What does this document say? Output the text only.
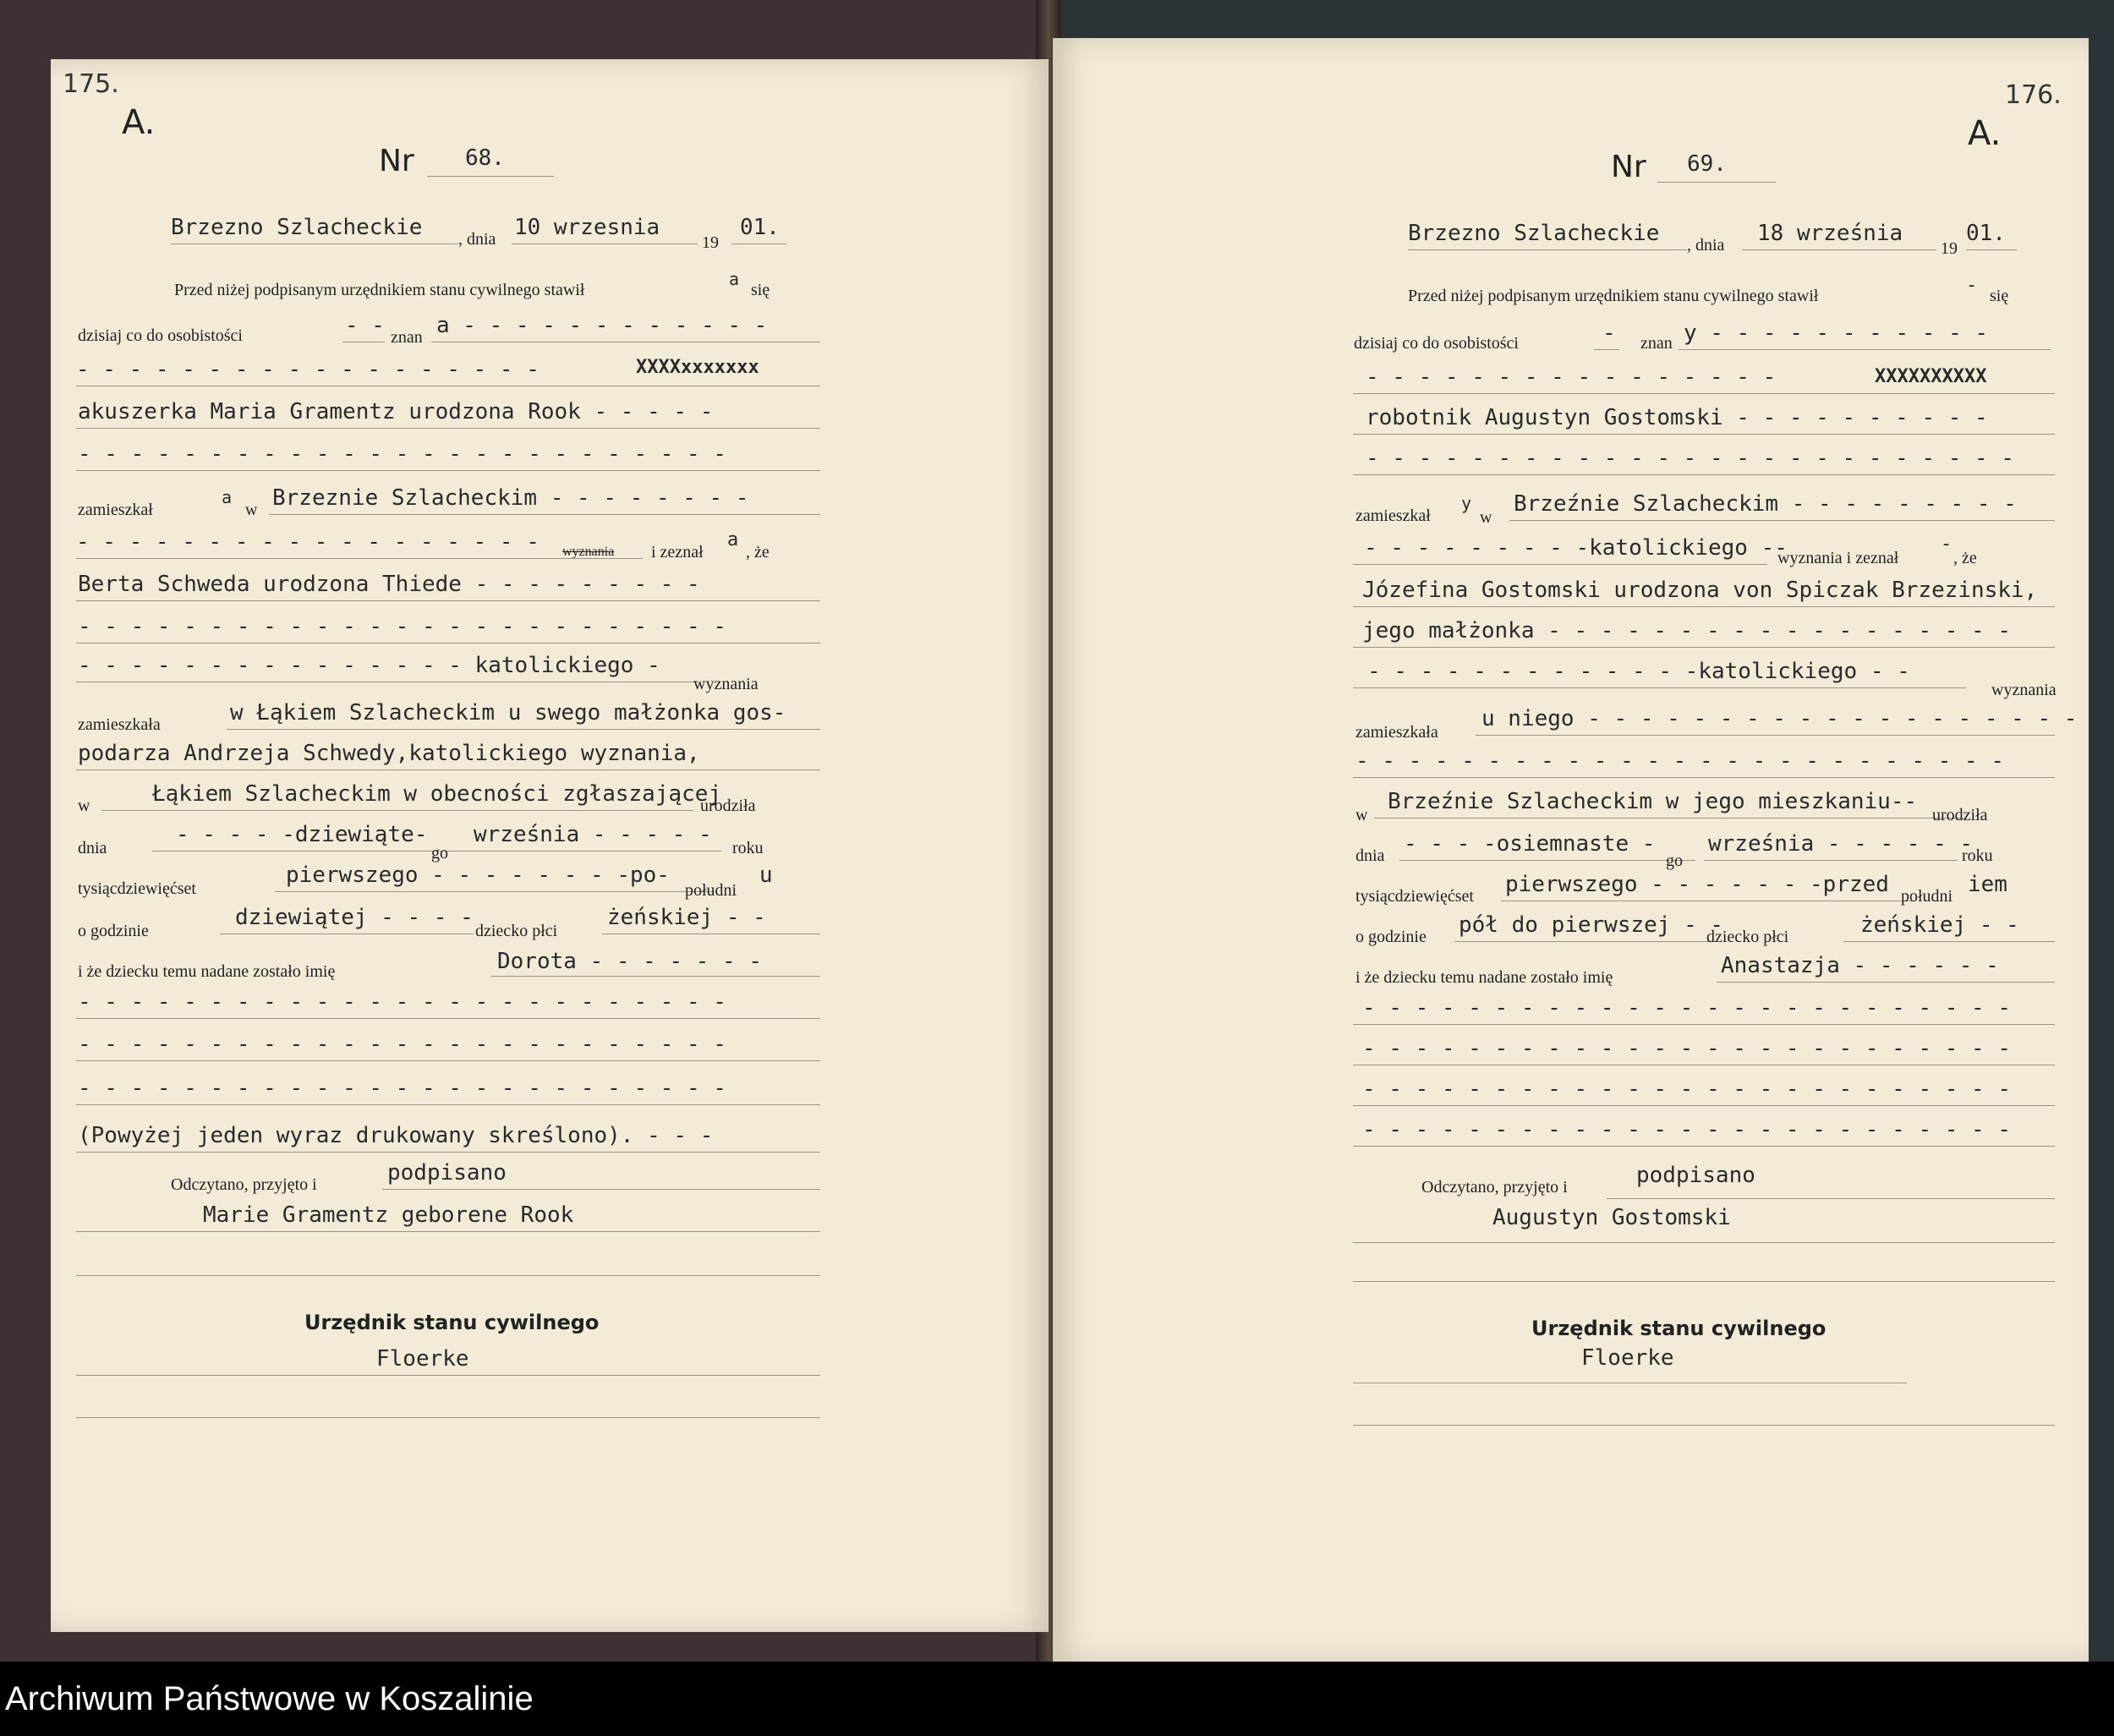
175.
A.
Nr 68.
Brzezno Szlacheckie , dnia 10 wrzesnia
19
01.
Przed niżej podpisanym urzędnikiem stanu cywilnego stawił
a
się
dzisiaj co do osobistości	- - znan a - - - - - - - - - - - -
- - - - - - - - - - - - - - - - - -	XXXXxxxxxxx
akuszerka Maria Gramentz urodzona Rook - - - - -
- - - - - - - - - - - - - - - - - - - - - - - - -
zamieszkał
a
w Brzeznie Szlacheckim - - - - - - - -
- - - - - - - - - - - - - - - - - - wyznania i zeznał
a
, że
Berta Schweda urodzona Thiede - - - - - - - - -
- - - - - - - - - - - - - - - - - - - - - - - - -
- - - - - - - - - - - - - - - katolickiego -
wyznania
zamieszkała	w Łąkiem Szlacheckim u swego małżonka gos-
podarza Andrzeja Schwedy,katolickiego wyznania,
w	Łąkiem Szlacheckim w obecności zgłaszającej
urodziła
dnia
- - - - -dziewiąte-
go
września - - - - -
roku
tysiącdziewięćset
pierwszego - - - - - - - -po-
południ
u
o godzinie
dziewiątej - - - -
dziecko płci
żeńskiej - -
i że dziecku temu nadane zostało imię	Dorota - - - - - - -
- - - - - - - - - - - - - - - - - - - - - - - - -
- - - - - - - - - - - - - - - - - - - - - - - - -
- - - - - - - - - - - - - - - - - - - - - - - - -
(Powyżej jeden wyraz drukowany skreślono). - - -
Odczytano, przyjęto i	podpisano
Marie Gramentz geborene Rook
Urzędnik stanu cywilnego
Floerke
176.
A.
Nr 69.
Brzezno Szlacheckie , dnia 18 września
19
01.
Przed niżej podpisanym urzędnikiem stanu cywilnego stawił	- się
dzisiaj co do osobistości	- znan y - - - - - - - - - - -
- - - - - - - - - - - - - - - -	XXXXXXXXXX
robotnik Augustyn Gostomski - - - - - - - - - -
- - - - - - - - - - - - - - - - - - - - - - - - -
zamieszkał
y
w
Brzeźnie Szlacheckim - - - - - - - - -
- - - - - - - - -katolickiego --
wyznania i zeznał
-
, że
Józefina Gostomski urodzona von Spiczak Brzezinski,
jego małżonka - - - - - - - - - - - - - - - - - -
- - - - - - - - - - - - -katolickiego - -
wyznania
zamieszkała
u niego - - - - - - - - - - - - - - - - - - -
- - - - - - - - - - - - - - - - - - - - - - - - -
w
Brzeźnie Szlacheckim w jego mieszkaniu--
urodziła
dnia - - - -osiemnaste -
go
września - - - - - -
roku
tysiącdziewięćset pierwszego - - - - - - -przed południ iem
o godzinie pół do pierwszej - -
dziecko płci	żeńskiej - -
i że dziecku temu nadane zostało imię	Anastazja - - - - - -
- - - - - - - - - - - - - - - - - - - - - - - - -
- - - - - - - - - - - - - - - - - - - - - - - - -
- - - - - - - - - - - - - - - - - - - - - - - - -
- - - - - - - - - - - - - - - - - - - - - - - - -
Odczytano, przyjęto i	podpisano
Augustyn Gostomski
Urzędnik stanu cywilnego
Floerke
Archiwum Państwowe w Koszalinie
